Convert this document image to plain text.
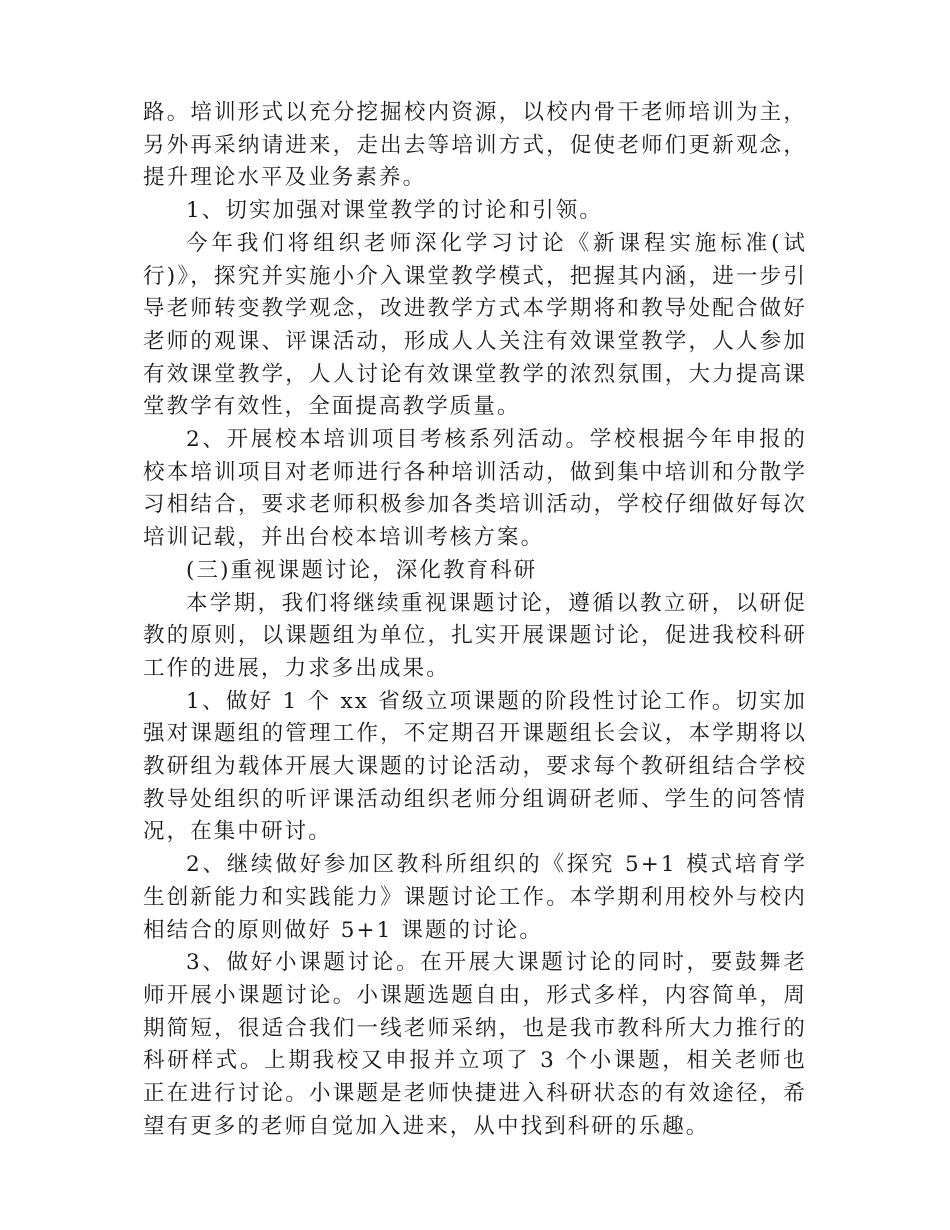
路。培训形式以充分挖掘校内资源，以校内骨干老师培训为主，另外再采纳请进来，走出去等培训方式，促使老师们更新观念，提升理论水平及业务素养。

1、切实加强对课堂教学的讨论和引领。

今年我们将组织老师深化学习讨论《新课程实施标准(试行)》，探究并实施小介入课堂教学模式，把握其内涵，进一步引导老师转变教学观念，改进教学方式本学期将和教导处配合做好老师的观课、评课活动，形成人人关注有效课堂教学，人人参加有效课堂教学，人人讨论有效课堂教学的浓烈氛围，大力提高课堂教学有效性，全面提高教学质量。

2、开展校本培训项目考核系列活动。学校根据今年申报的校本培训项目对老师进行各种培训活动，做到集中培训和分散学习相结合，要求老师积极参加各类培训活动，学校仔细做好每次培训记载，并出台校本培训考核方案。

(三)重视课题讨论，深化教育科研

本学期，我们将继续重视课题讨论，遵循以教立研，以研促教的原则，以课题组为单位，扎实开展课题讨论，促进我校科研工作的进展，力求多出成果。

1、做好 1 个 xx 省级立项课题的阶段性讨论工作。切实加强对课题组的管理工作，不定期召开课题组长会议，本学期将以教研组为载体开展大课题的讨论活动，要求每个教研组结合学校教导处组织的听评课活动组织老师分组调研老师、学生的问答情况，在集中研讨。

2、继续做好参加区教科所组织的《探究 5+1 模式培育学生创新能力和实践能力》课题讨论工作。本学期利用校外与校内相结合的原则做好 5+1 课题的讨论。

3、做好小课题讨论。在开展大课题讨论的同时，要鼓舞老师开展小课题讨论。小课题选题自由，形式多样，内容简单，周期简短，很适合我们一线老师采纳，也是我市教科所大力推行的科研样式。上期我校又申报并立项了 3 个小课题，相关老师也正在进行讨论。小课题是老师快捷进入科研状态的有效途径，希望有更多的老师自觉加入进来，从中找到科研的乐趣。
